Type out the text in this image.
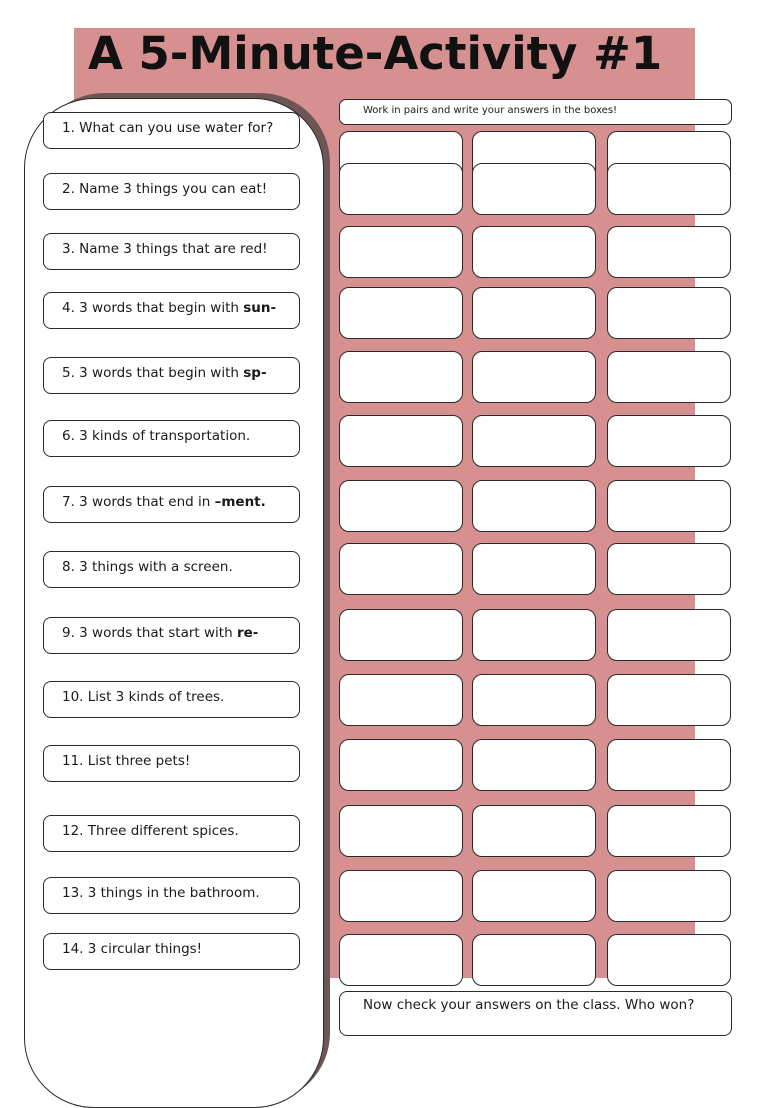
A 5-Minute-Activity #1
1. What can you use water for?
2. Name 3 things you can eat!
3. Name 3 things that are red!
4. 3 words that begin with sun-
5. 3 words that begin with sp-
6. 3 kinds of transportation.
7. 3 words that end in –ment.
8. 3 things with a screen.
9. 3 words that start with re-
10. List 3 kinds of trees.
11. List three pets!
12. Three different spices.
13. 3 things in the bathroom.
14. 3 circular things!
Work in pairs and write your answers in the boxes!
Now check your answers on the class. Who won?
